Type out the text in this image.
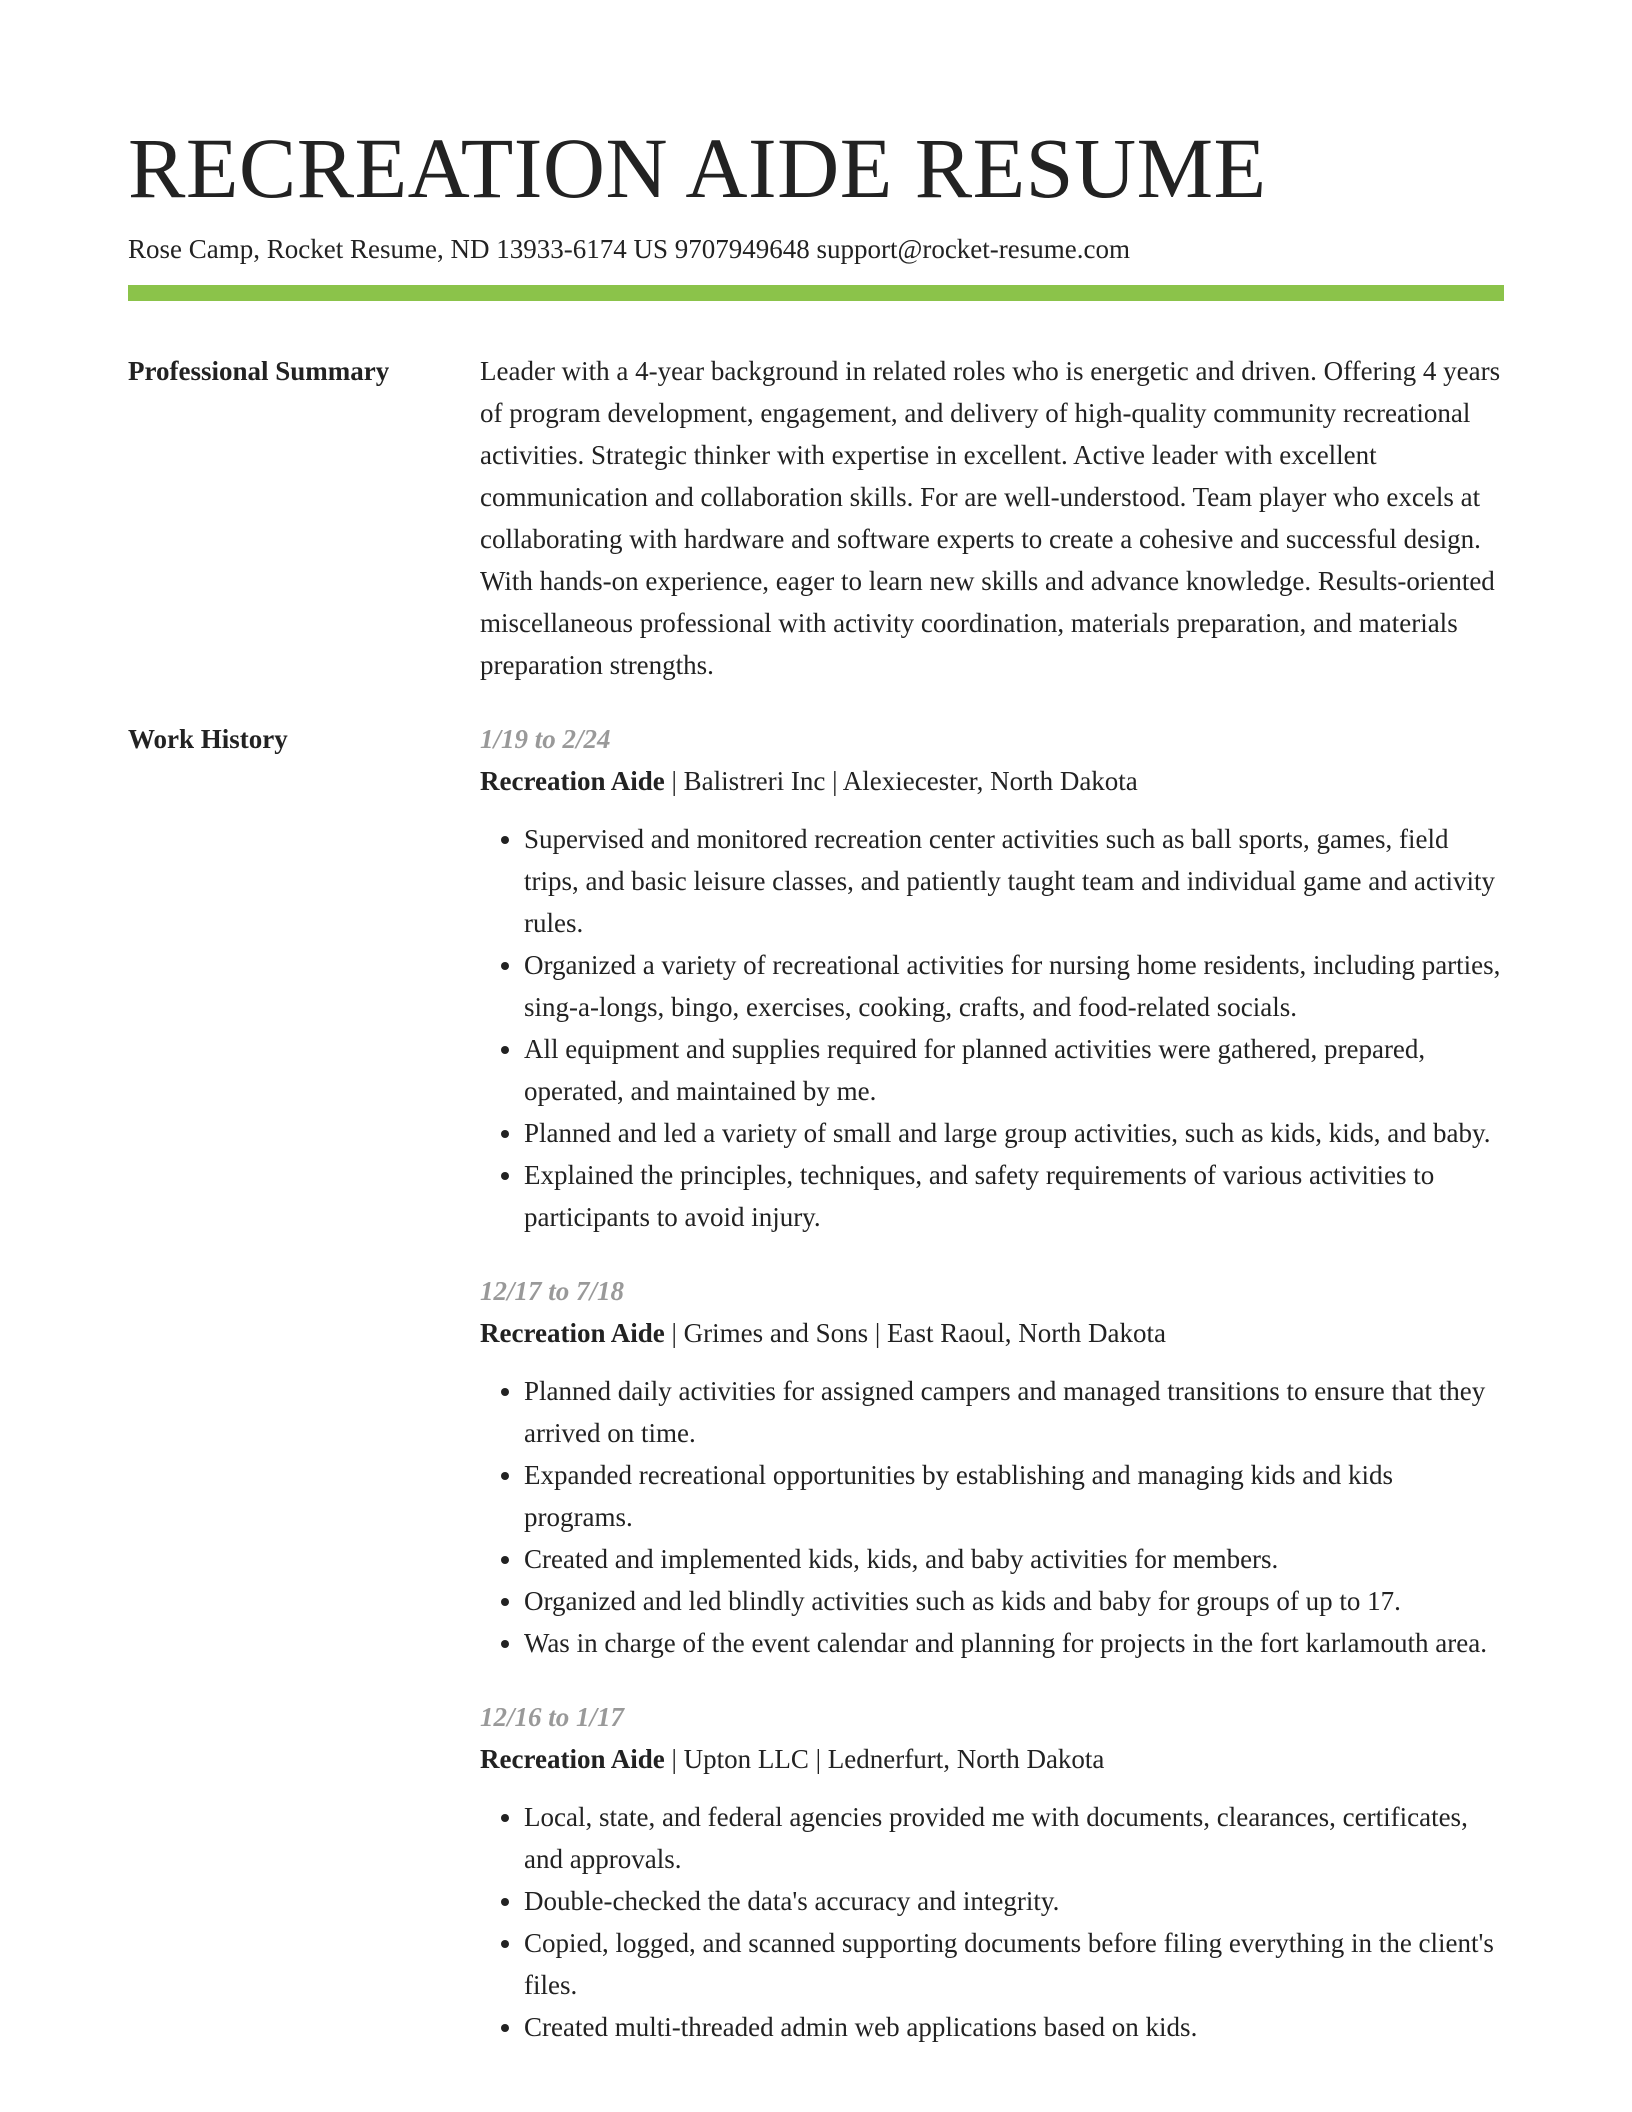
RECREATION AIDE RESUME
Rose Camp, Rocket Resume, ND 13933-6174 US 9707949648 support@rocket-resume.com
Professional Summary	Leader with a 4-year background in related roles who is energetic and driven. Offering 4 years of program development, engagement, and delivery of high-quality community recreational activities. Strategic thinker with expertise in excellent. Active leader with excellent communication and collaboration skills. For are well-understood. Team player who excels at collaborating with hardware and software experts to create a cohesive and successful design. With hands-on experience, eager to learn new skills and advance knowledge. Results-oriented miscellaneous professional with activity coordination, materials preparation, and materials preparation strengths.

Work History	1/19 to 2/24
Recreation Aide | Balistreri Inc | Alexiecester, North Dakota
• Supervised and monitored recreation center activities such as ball sports, games, field trips, and basic leisure classes, and patiently taught team and individual game and activity rules.
• Organized a variety of recreational activities for nursing home residents, including parties, sing-a-longs, bingo, exercises, cooking, crafts, and food-related socials.
• All equipment and supplies required for planned activities were gathered, prepared, operated, and maintained by me.
• Planned and led a variety of small and large group activities, such as kids, kids, and baby.
• Explained the principles, techniques, and safety requirements of various activities to participants to avoid injury.
12/17 to 7/18
Recreation Aide | Grimes and Sons | East Raoul, North Dakota
• Planned daily activities for assigned campers and managed transitions to ensure that they arrived on time.
• Expanded recreational opportunities by establishing and managing kids and kids programs.
• Created and implemented kids, kids, and baby activities for members.
• Organized and led blindly activities such as kids and baby for groups of up to 17.
• Was in charge of the event calendar and planning for projects in the fort karlamouth area.
12/16 to 1/17
Recreation Aide | Upton LLC | Lednerfurt, North Dakota
• Local, state, and federal agencies provided me with documents, clearances, certificates, and approvals.
• Double-checked the data's accuracy and integrity.
• Copied, logged, and scanned supporting documents before filing everything in the client's files.
• Created multi-threaded admin web applications based on kids.
